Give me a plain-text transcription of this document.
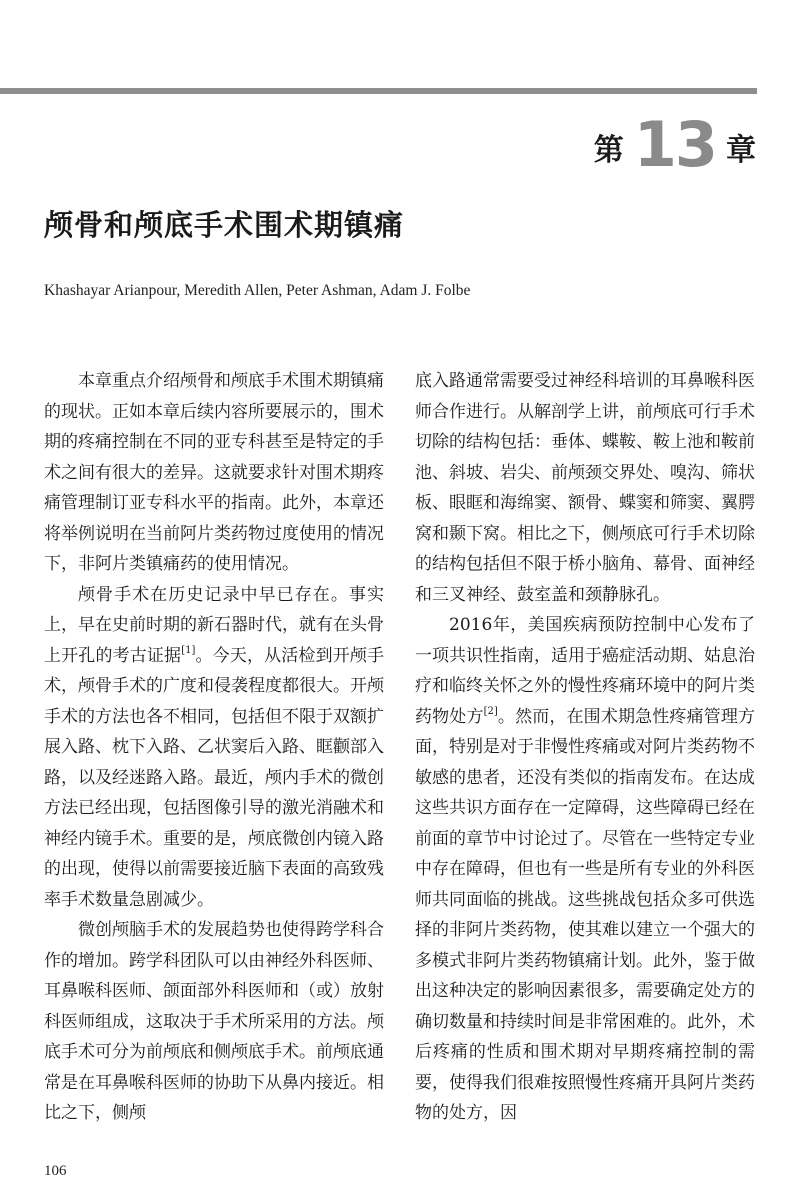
第 13 章
颅骨和颅底手术围术期镇痛
Khashayar Arianpour, Meredith Allen, Peter Ashman, Adam J. Folbe

本章重点介绍颅骨和颅底手术围术期镇痛的现状。正如本章后续内容所要展示的，围术期的疼痛控制在不同的亚专科甚至是特定的手术之间有很大的差异。这就要求针对围术期疼痛管理制订亚专科水平的指南。此外，本章还将举例说明在当前阿片类药物过度使用的情况下，非阿片类镇痛药的使用情况。

颅骨手术在历史记录中早已存在。事实上，早在史前时期的新石器时代，就有在头骨上开孔的考古证据[1]。今天，从活检到开颅手术，颅骨手术的广度和侵袭程度都很大。开颅手术的方法也各不相同，包括但不限于双额扩展入路、枕下入路、乙状窦后入路、眶颧部入路，以及经迷路入路。最近，颅内手术的微创方法已经出现，包括图像引导的激光消融术和神经内镜手术。重要的是，颅底微创内镜入路的出现，使得以前需要接近脑下表面的高致残率手术数量急剧减少。

微创颅脑手术的发展趋势也使得跨学科合作的增加。跨学科团队可以由神经外科医师、耳鼻喉科医师、颌面部外科医师和（或）放射科医师组成，这取决于手术所采用的方法。颅底手术可分为前颅底和侧颅底手术。前颅底通常是在耳鼻喉科医师的协助下从鼻内接近。相比之下，侧颅

底入路通常需要受过神经科培训的耳鼻喉科医师合作进行。从解剖学上讲，前颅底可行手术切除的结构包括：垂体、蝶鞍、鞍上池和鞍前池、斜坡、岩尖、前颅颈交界处、嗅沟、筛状板、眼眶和海绵窦、额骨、蝶窦和筛窦、翼腭窝和颞下窝。相比之下，侧颅底可行手术切除的结构包括但不限于桥小脑角、幕骨、面神经和三叉神经、鼓室盖和颈静脉孔。

2016年，美国疾病预防控制中心发布了一项共识性指南，适用于癌症活动期、姑息治疗和临终关怀之外的慢性疼痛环境中的阿片类药物处方[2]。然而，在围术期急性疼痛管理方面，特别是对于非慢性疼痛或对阿片类药物不敏感的患者，还没有类似的指南发布。在达成这些共识方面存在一定障碍，这些障碍已经在前面的章节中讨论过了。尽管在一些特定专业中存在障碍，但也有一些是所有专业的外科医师共同面临的挑战。这些挑战包括众多可供选择的非阿片类药物，使其难以建立一个强大的多模式非阿片类药物镇痛计划。此外，鉴于做出这种决定的影响因素很多，需要确定处方的确切数量和持续时间是非常困难的。此外，术后疼痛的性质和围术期对早期疼痛控制的需要，使得我们很难按照慢性疼痛开具阿片类药物的处方，因

106
